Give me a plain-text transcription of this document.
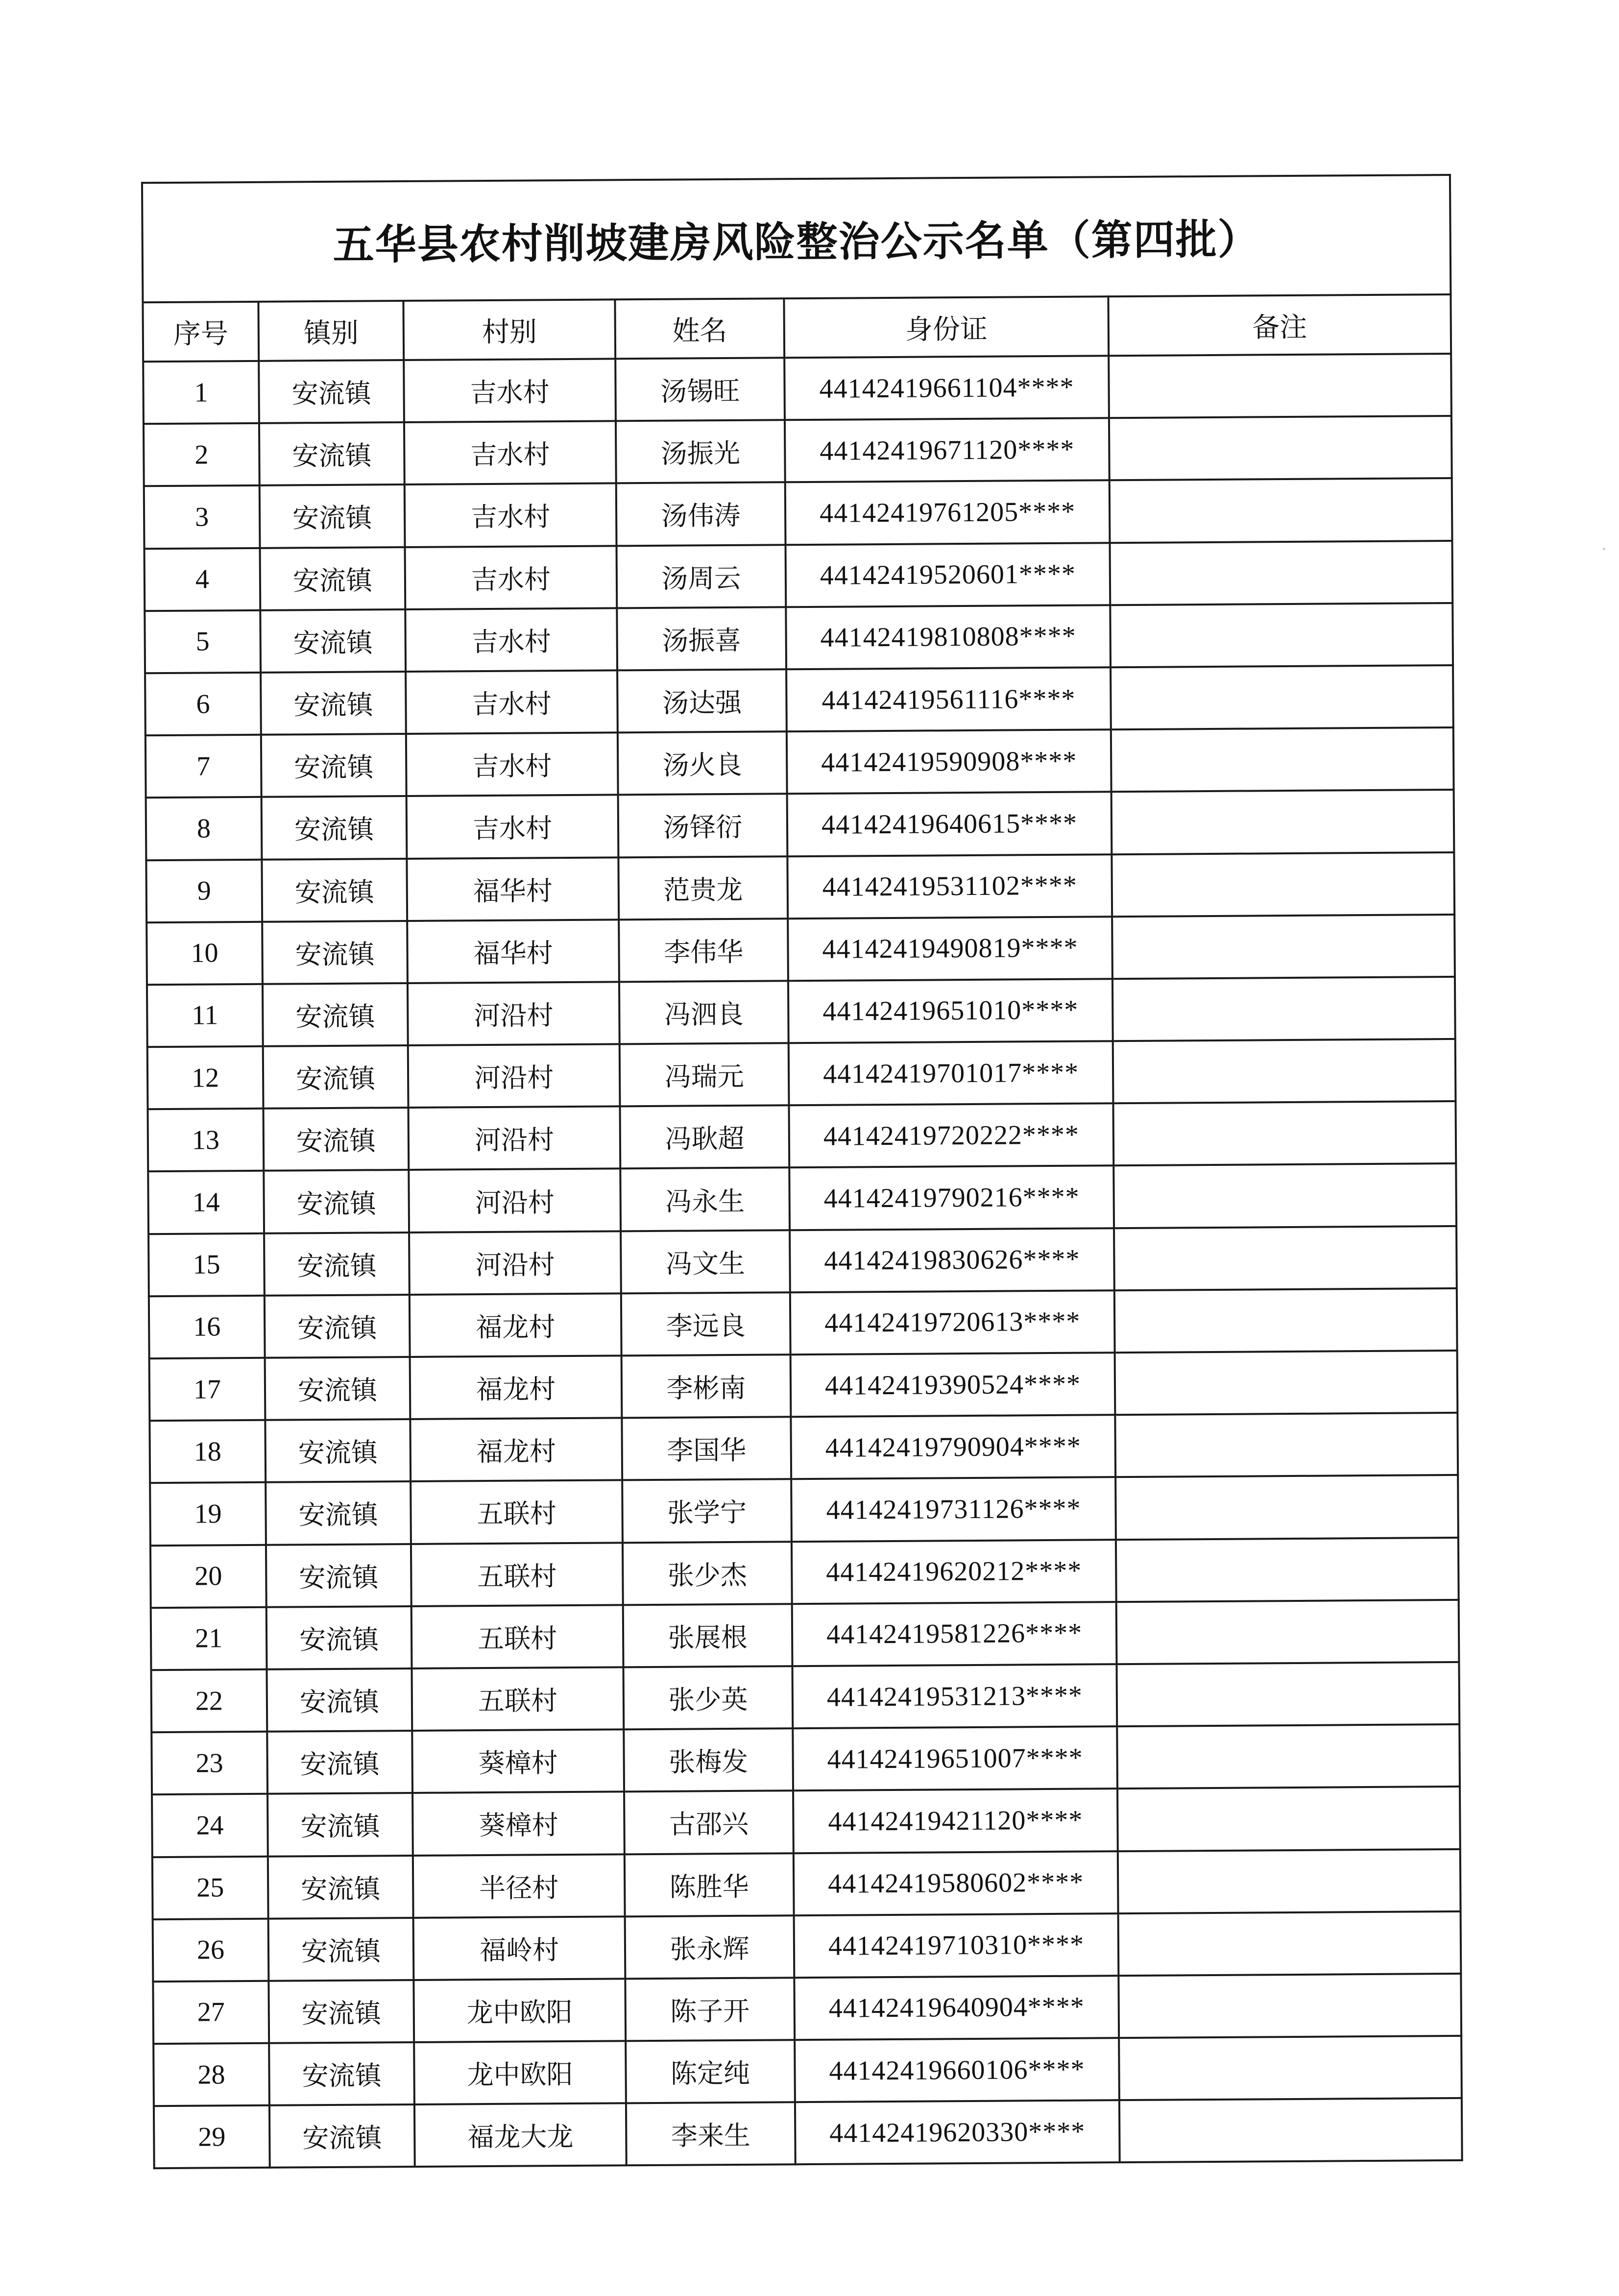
五华县农村削坡建房风险整治公示名单（第四批）					
序号	镇别	村别	姓名	身份证	备注
1	安流镇	吉水村	汤锡旺	44142419661104****	
2	安流镇	吉水村	汤振光	44142419671120****	
3	安流镇	吉水村	汤伟涛	44142419761205****	
4	安流镇	吉水村	汤周云	44142419520601****	
5	安流镇	吉水村	汤振喜	44142419810808****	
6	安流镇	吉水村	汤达强	44142419561116****	
7	安流镇	吉水村	汤火良	44142419590908****	
8	安流镇	吉水村	汤铎衍	44142419640615****	
9	安流镇	福华村	范贵龙	44142419531102****	
10	安流镇	福华村	李伟华	44142419490819****	
11	安流镇	河沿村	冯泗良	44142419651010****	
12	安流镇	河沿村	冯瑞元	44142419701017****	
13	安流镇	河沿村	冯耿超	44142419720222****	
14	安流镇	河沿村	冯永生	44142419790216****	
15	安流镇	河沿村	冯文生	44142419830626****	
16	安流镇	福龙村	李远良	44142419720613****	
17	安流镇	福龙村	李彬南	44142419390524****	
18	安流镇	福龙村	李国华	44142419790904****	
19	安流镇	五联村	张学宁	44142419731126****	
20	安流镇	五联村	张少杰	44142419620212****	
21	安流镇	五联村	张展根	44142419581226****	
22	安流镇	五联村	张少英	44142419531213****	
23	安流镇	葵樟村	张梅发	44142419651007****	
24	安流镇	葵樟村	古邵兴	44142419421120****	
25	安流镇	半径村	陈胜华	44142419580602****	
26	安流镇	福岭村	张永辉	44142419710310****	
27	安流镇	龙中欧阳	陈子开	44142419640904****	
28	安流镇	龙中欧阳	陈定纯	44142419660106****	
29	安流镇	福龙大龙	李来生	44142419620330****	
